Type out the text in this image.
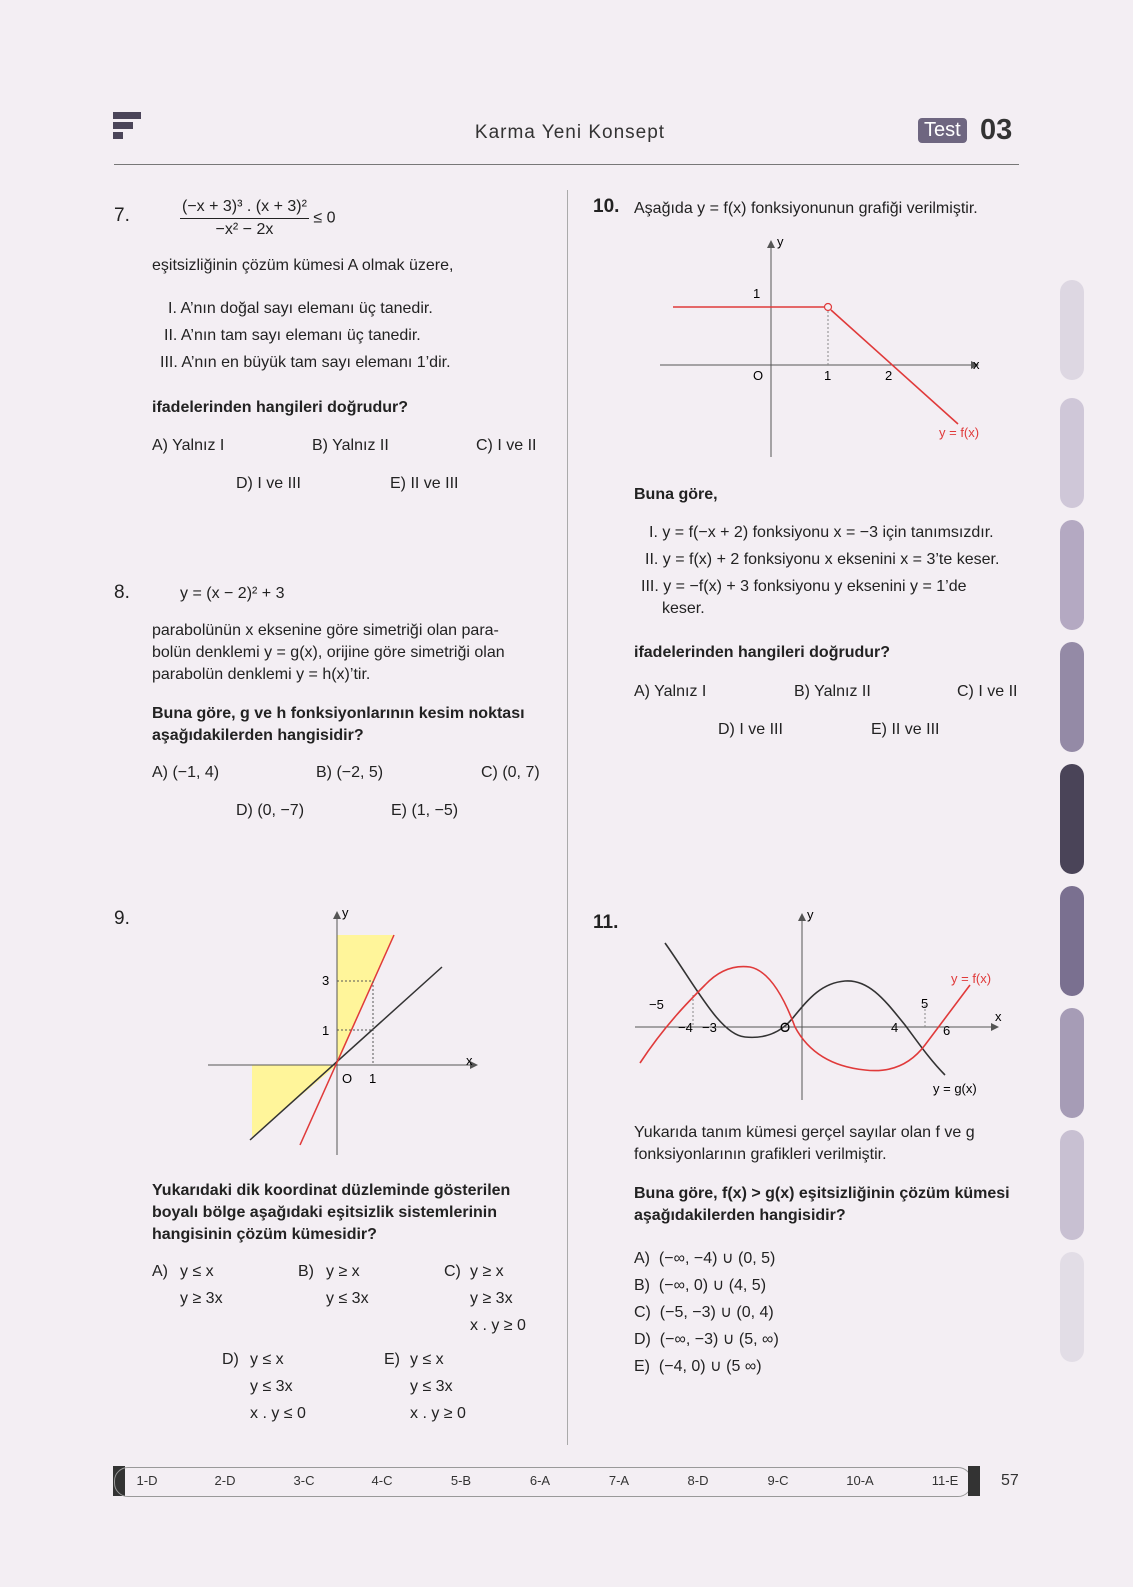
Karma Yeni Konsept	Test 03
7.	$\frac{\text{(−x + 3)³ . (x + 3)²}}{\text{−x² − 2x}} \le 0$
eşitsizliğinin çözüm kümesi A olmak üzere,
I. A’nın doğal sayı elemanı üç tanedir.
II. A’nın tam sayı elemanı üç tanedir.
III. A’nın en büyük tam sayı elemanı 1’dir.
ifadelerinden hangileri doğrudur?
A) Yalnız I	B) Yalnız II	C) I ve II
D) I ve III	E) II ve III
8.	y = (x − 2)² + 3
parabolünün x eksenine göre simetriği olan para-
bolün denklemi y = g(x), orijine göre simetriği olan
parabolün denklemi y = h(x)’tir.
Buna göre, g ve h fonksiyonlarının kesim noktası
aşağıdakilerden hangisidir?
A) (−1, 4)	B) (−2, 5)	C) (0, 7)
D) (0, −7)	E) (1, −5)
9.	y
x
O
3
1
1
Yukarıdaki dik koordinat düzleminde gösterilen
boyalı bölge aşağıdaki eşitsizlik sistemlerinin
hangisinin çözüm kümesidir?
A) y ≤ x
y ≥ 3x
B) y ≥ x
y ≤ 3x
C) y ≥ x
y ≥ 3x
x . y ≥ 0
D) y ≤ x
y ≤ 3x
x . y ≤ 0
E) y ≤ x
y ≤ 3x
x . y ≥ 0
10. Aşağıda y = f(x) fonksiyonunun grafiği verilmiştir.
y
x
O
1
1	2
y = f(x)
Buna göre,
I. y = f(−x + 2) fonksiyonu x = −3 için tanımsızdır.
II. y = f(x) + 2 fonksiyonu x eksenini x = 3’te keser.
III. y = −f(x) + 3 fonksiyonu y eksenini y = 1’de
keser.
ifadelerinden hangileri doğrudur?
A) Yalnız I	B) Yalnız II	C) I ve II
D) I ve III	E) II ve III
11.	y
x
y = f(x)
y = g(x)
−5
−4 −3	O	4
5
6
Yukarıda tanım kümesi gerçel sayılar olan f ve g
fonksiyonlarının grafikleri verilmiştir.
Buna göre, f(x) > g(x) eşitsizliğinin çözüm kümesi
aşağıdakilerden hangisidir?
A)  (−∞, −4) ∪ (0, 5)
B)  (−∞, 0) ∪ (4, 5)
C)  (−5, −3) ∪ (0, 4)
D)  (−∞, −3) ∪ (5, ∞)
E)  (−4, 0) ∪ (5 ∞)
1-D	2-D	3-C	4-C	5-B	6-A	7-A	8-D	9-C	10-A	11-E	57
